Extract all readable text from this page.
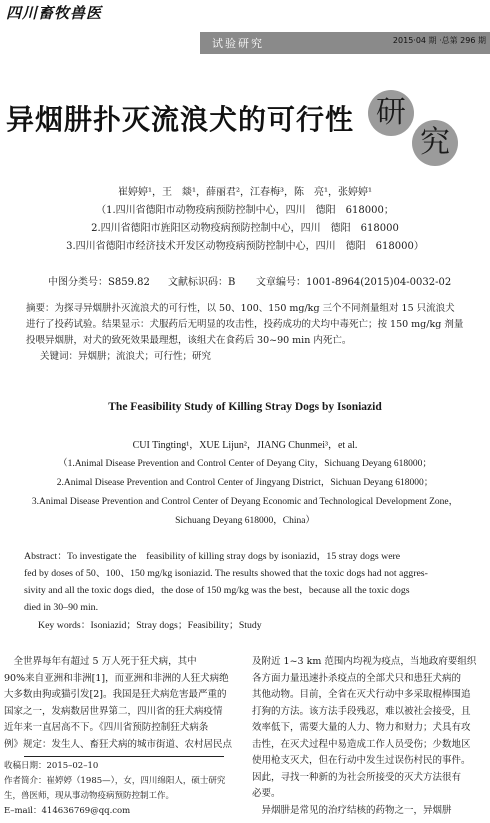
四川畜牧兽医
试验研究	2015·04 期 ·总第 296 期
异烟肼扑灭流浪犬的可行性 研
究
崔婷婷¹，王　燚¹，薛丽君²，江春梅³，陈　亮¹，张婷婷¹
（1.四川省德阳市动物疫病预防控制中心，四川　德阳　618000；
2.四川省德阳市旌阳区动物疫病预防控制中心，四川　德阳　618000
3.四川省德阳市经济技术开发区动物疫病预防控制中心，四川　德阳　618000）
中图分类号：S859.82 文献标识码：B 文章编号：1001-8964(2015)04-0032-02
摘要：为探寻异烟肼扑灭流浪犬的可行性，以 50、100、150 mg/kg 三个不同剂量组对 15 只流浪犬
进行了投药试验。结果显示：犬服药后无明显的攻击性，投药成功的犬均中毒死亡；按 150 mg/kg 剂量
投喂异烟肼，对犬的致死效果最理想，该组犬在食药后 30~90 min 内死亡。
关键词：异烟肼；流浪犬；可行性；研究
The Feasibility Study of Killing Stray Dogs by Isoniazid
CUI Tingting¹，XUE Lijun²，JIANG Chunmei³，et al.
（1.Animal Disease Prevention and Control Center of Deyang City，Sichuang Deyang 618000；
2.Animal Disease Prevention and Control Center of Jingyang District，Sichuan Deyang 618000；
3.Animal Disease Prevention and Control Center of Deyang Economic and Technological Development Zone，
Sichuang Deyang 618000，China）
Abstract：To investigate the　feasibility of killing stray dogs by isoniazid，15 stray dogs were
fed by doses of 50、100、150 mg/kg isoniazid. The results showed that the toxic dogs had not aggres-
sivity and all the toxic dogs died，the dose of 150 mg/kg was the best，because all the toxic dogs
died in 30–90 min.
Key words：Isoniazid；Stray dogs；Feasibility；Study
　全世界每年有超过 5 万人死于狂犬病，其中
90%来自亚洲和非洲[1]，而亚洲和非洲的人狂犬病绝
大多数由狗或猫引发[2]。我国是狂犬病危害最严重的
国家之一，发病数居世界第二，四川省的狂犬病疫情
近年来一直居高不下。《四川省预防控制狂犬病条
例》规定：发生人、畜狂犬病的城市街道、农村居民点
收稿日期：2015–02–10
作者简介：崔婷婷（1985—），女，四川绵阳人，硕士研究
生，兽医师，现从事动物疫病预防控制工作。
E–mail：414636769@qq.com
及附近 1~3 km 范围内均视为疫点，当地政府要组织
各方面力量迅速扑杀疫点的全部犬只和患狂犬病的
其他动物。目前，全省在灭犬行动中多采取棍棒围追
打狗的方法。该方法手段残忍，难以被社会接受，且
效率低下，需要大量的人力、物力和财力；犬具有攻
击性，在灭犬过程中易造成工作人员受伤；少数地区
使用枪支灭犬，但在行动中发生过误伤村民的事件。
因此，寻找一种新的为社会所接受的灭犬方法很有
必要。
　异烟肼是常见的治疗结核的药物之一，异烟肼
